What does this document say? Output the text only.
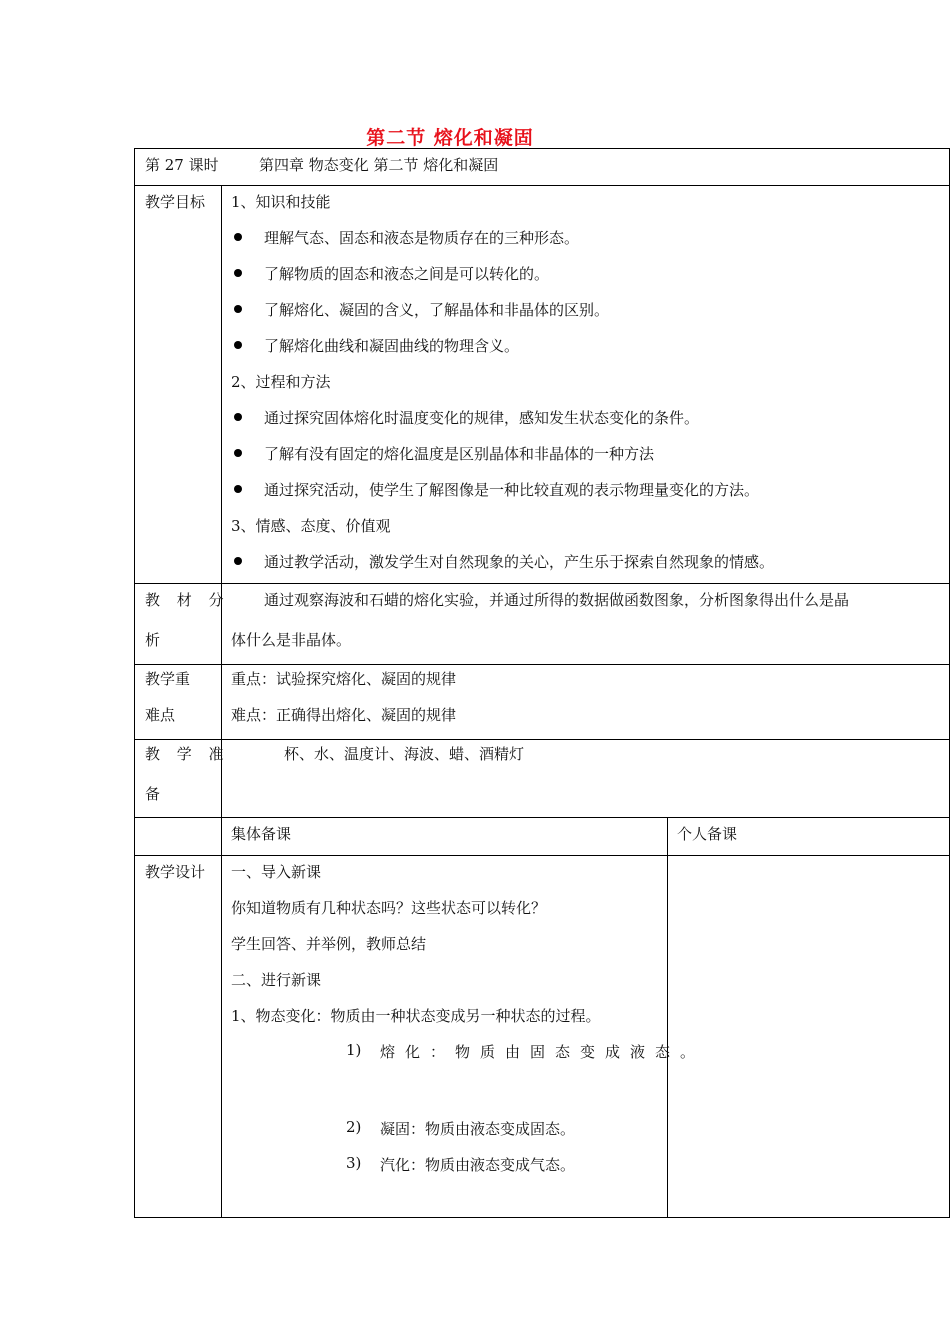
第二节 熔化和凝固
第 27 课时	第四章 物态变化 第二节 熔化和凝固
教学目标 1、知识和技能
理解气态、固态和液态是物质存在的三种形态。
了解物质的固态和液态之间是可以转化的。
了解熔化、凝固的含义，了解晶体和非晶体的区别。
了解熔化曲线和凝固曲线的物理含义。
2、过程和方法
通过探究固体熔化时温度变化的规律，感知发生状态变化的条件。
了解有没有固定的熔化温度是区别晶体和非晶体的一种方法
通过探究活动，使学生了解图像是一种比较直观的表示物理量变化的方法。
3、情感、态度、价值观
通过教学活动，激发学生对自然现象的关心，产生乐于探索自然现象的情感。
教 材 分
析
通过观察海波和石蜡的熔化实验，并通过所得的数据做函数图象，分析图象得出什么是晶
体什么是非晶体。
教学重
难点
重点：试验探究熔化、凝固的规律
难点：正确得出熔化、凝固的规律
教 学 准
备
杯、水、温度计、海波、蜡、酒精灯
集体备课	个人备课
教学设计 一、导入新课
你知道物质有几种状态吗？这些状态可以转化？
学生回答、并举例，教师总结
二、进行新课
1、物态变化：物质由一种状态变成另一种状态的过程。
1) 熔化：物质由固态变成液态。
2) 凝固：物质由液态变成固态。
3) 汽化：物质由液态变成气态。
